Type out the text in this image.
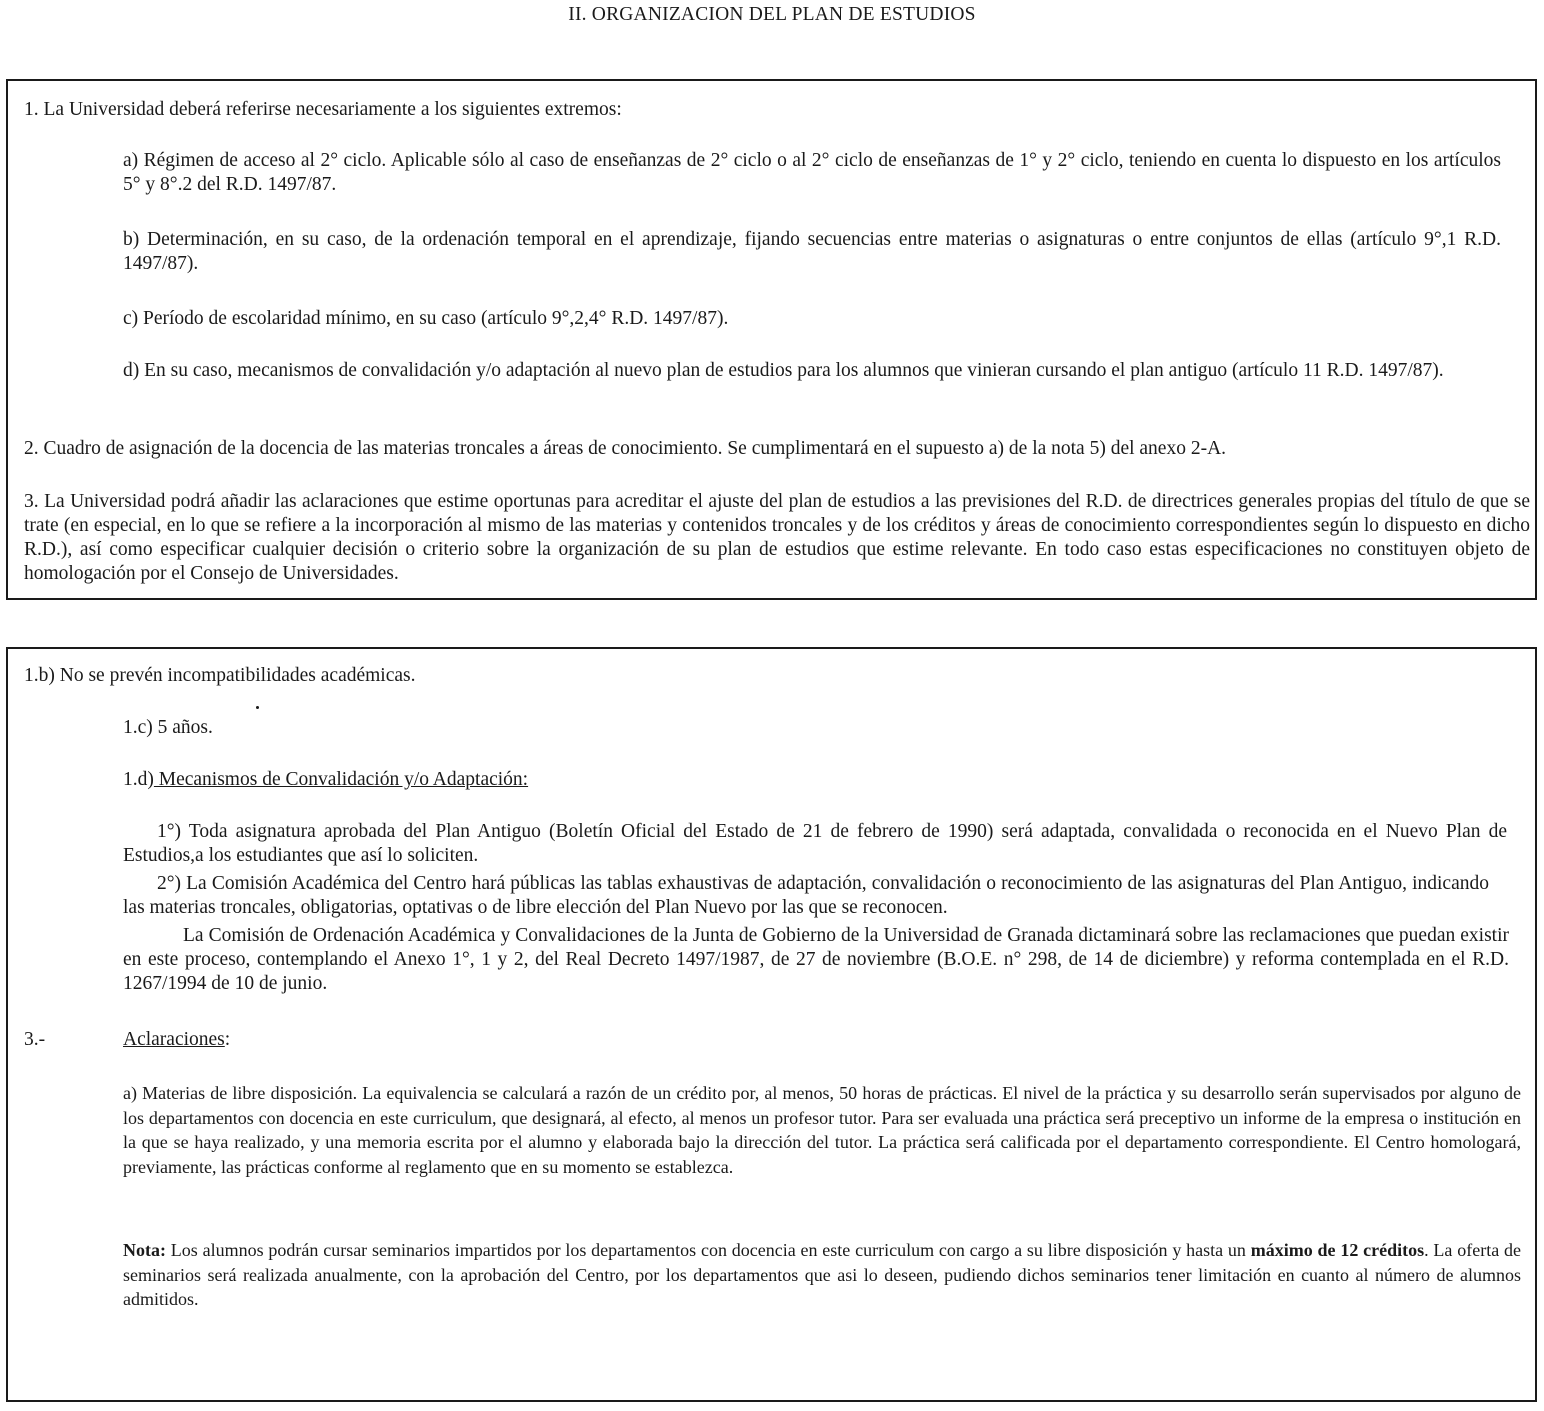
II. ORGANIZACION DEL PLAN DE ESTUDIOS

1. La Universidad deberá referirse necesariamente a los siguientes extremos:

a) Régimen de acceso al 2° ciclo. Aplicable sólo al caso de enseñanzas de 2° ciclo o al 2° ciclo de enseñanzas de 1° y 2° ciclo, teniendo en cuenta lo dispuesto en los artículos 5° y 8°.2 del R.D. 1497/87.

b) Determinación, en su caso, de la ordenación temporal en el aprendizaje, fijando secuencias entre materias o asignaturas o entre conjuntos de ellas (artículo 9°,1 R.D. 1497/87).

c) Período de escolaridad mínimo, en su caso (artículo 9°,2,4° R.D. 1497/87).

d) En su caso, mecanismos de convalidación y/o adaptación al nuevo plan de estudios para los alumnos que vinieran cursando el plan antiguo (artículo 11 R.D. 1497/87).

2. Cuadro de asignación de la docencia de las materias troncales a áreas de conocimiento. Se cumplimentará en el supuesto a) de la nota 5) del anexo 2-A.

3. La Universidad podrá añadir las aclaraciones que estime oportunas para acreditar el ajuste del plan de estudios a las previsiones del R.D. de directrices generales propias del título de que se trate (en especial, en lo que se refiere a la incorporación al mismo de las materias y contenidos troncales y de los créditos y áreas de conocimiento correspondientes según lo dispuesto en dicho R.D.), así como especificar cualquier decisión o criterio sobre la organización de su plan de estudios que estime relevante. En todo caso estas especificaciones no constituyen objeto de homologación por el Consejo de Universidades.

1.b) No se prevén incompatibilidades académicas.

1.c) 5 años.

1.d) Mecanismos de Convalidación y/o Adaptación:

1°) Toda asignatura aprobada del Plan Antiguo (Boletín Oficial del Estado de 21 de febrero de 1990) será adaptada, convalidada o reconocida en el Nuevo Plan de Estudios,a los estudiantes que así lo soliciten.

2°) La Comisión Académica del Centro hará públicas las tablas exhaustivas de adaptación, convalidación o reconocimiento de las asignaturas del Plan Antiguo, indicando las materias troncales, obligatorias, optativas o de libre elección del Plan Nuevo por las que se reconocen.

La Comisión de Ordenación Académica y Convalidaciones de la Junta de Gobierno de la Universidad de Granada dictaminará sobre las reclamaciones que puedan existir en este proceso, contemplando el Anexo 1°, 1 y 2, del Real Decreto 1497/1987, de 27 de noviembre (B.O.E. n° 298, de 14 de diciembre) y reforma contemplada en el R.D. 1267/1994 de 10 de junio.

3.-	Aclaraciones:

a) Materias de libre disposición. La equivalencia se calculará a razón de un crédito por, al menos, 50 horas de prácticas. El nivel de la práctica y su desarrollo serán supervisados por alguno de los departamentos con docencia en este curriculum, que designará, al efecto, al menos un profesor tutor. Para ser evaluada una práctica será preceptivo un informe de la empresa o institución en la que se haya realizado, y una memoria escrita por el alumno y elaborada bajo la dirección del tutor. La práctica será calificada por el departamento correspondiente. El Centro homologará, previamente, las prácticas conforme al reglamento que en su momento se establezca.

Nota: Los alumnos podrán cursar seminarios impartidos por los departamentos con docencia en este curriculum con cargo a su libre disposición y hasta un máximo de 12 créditos. La oferta de seminarios será realizada anualmente, con la aprobación del Centro, por los departamentos que asi lo deseen, pudiendo dichos seminarios tener limitación en cuanto al número de alumnos admitidos.
